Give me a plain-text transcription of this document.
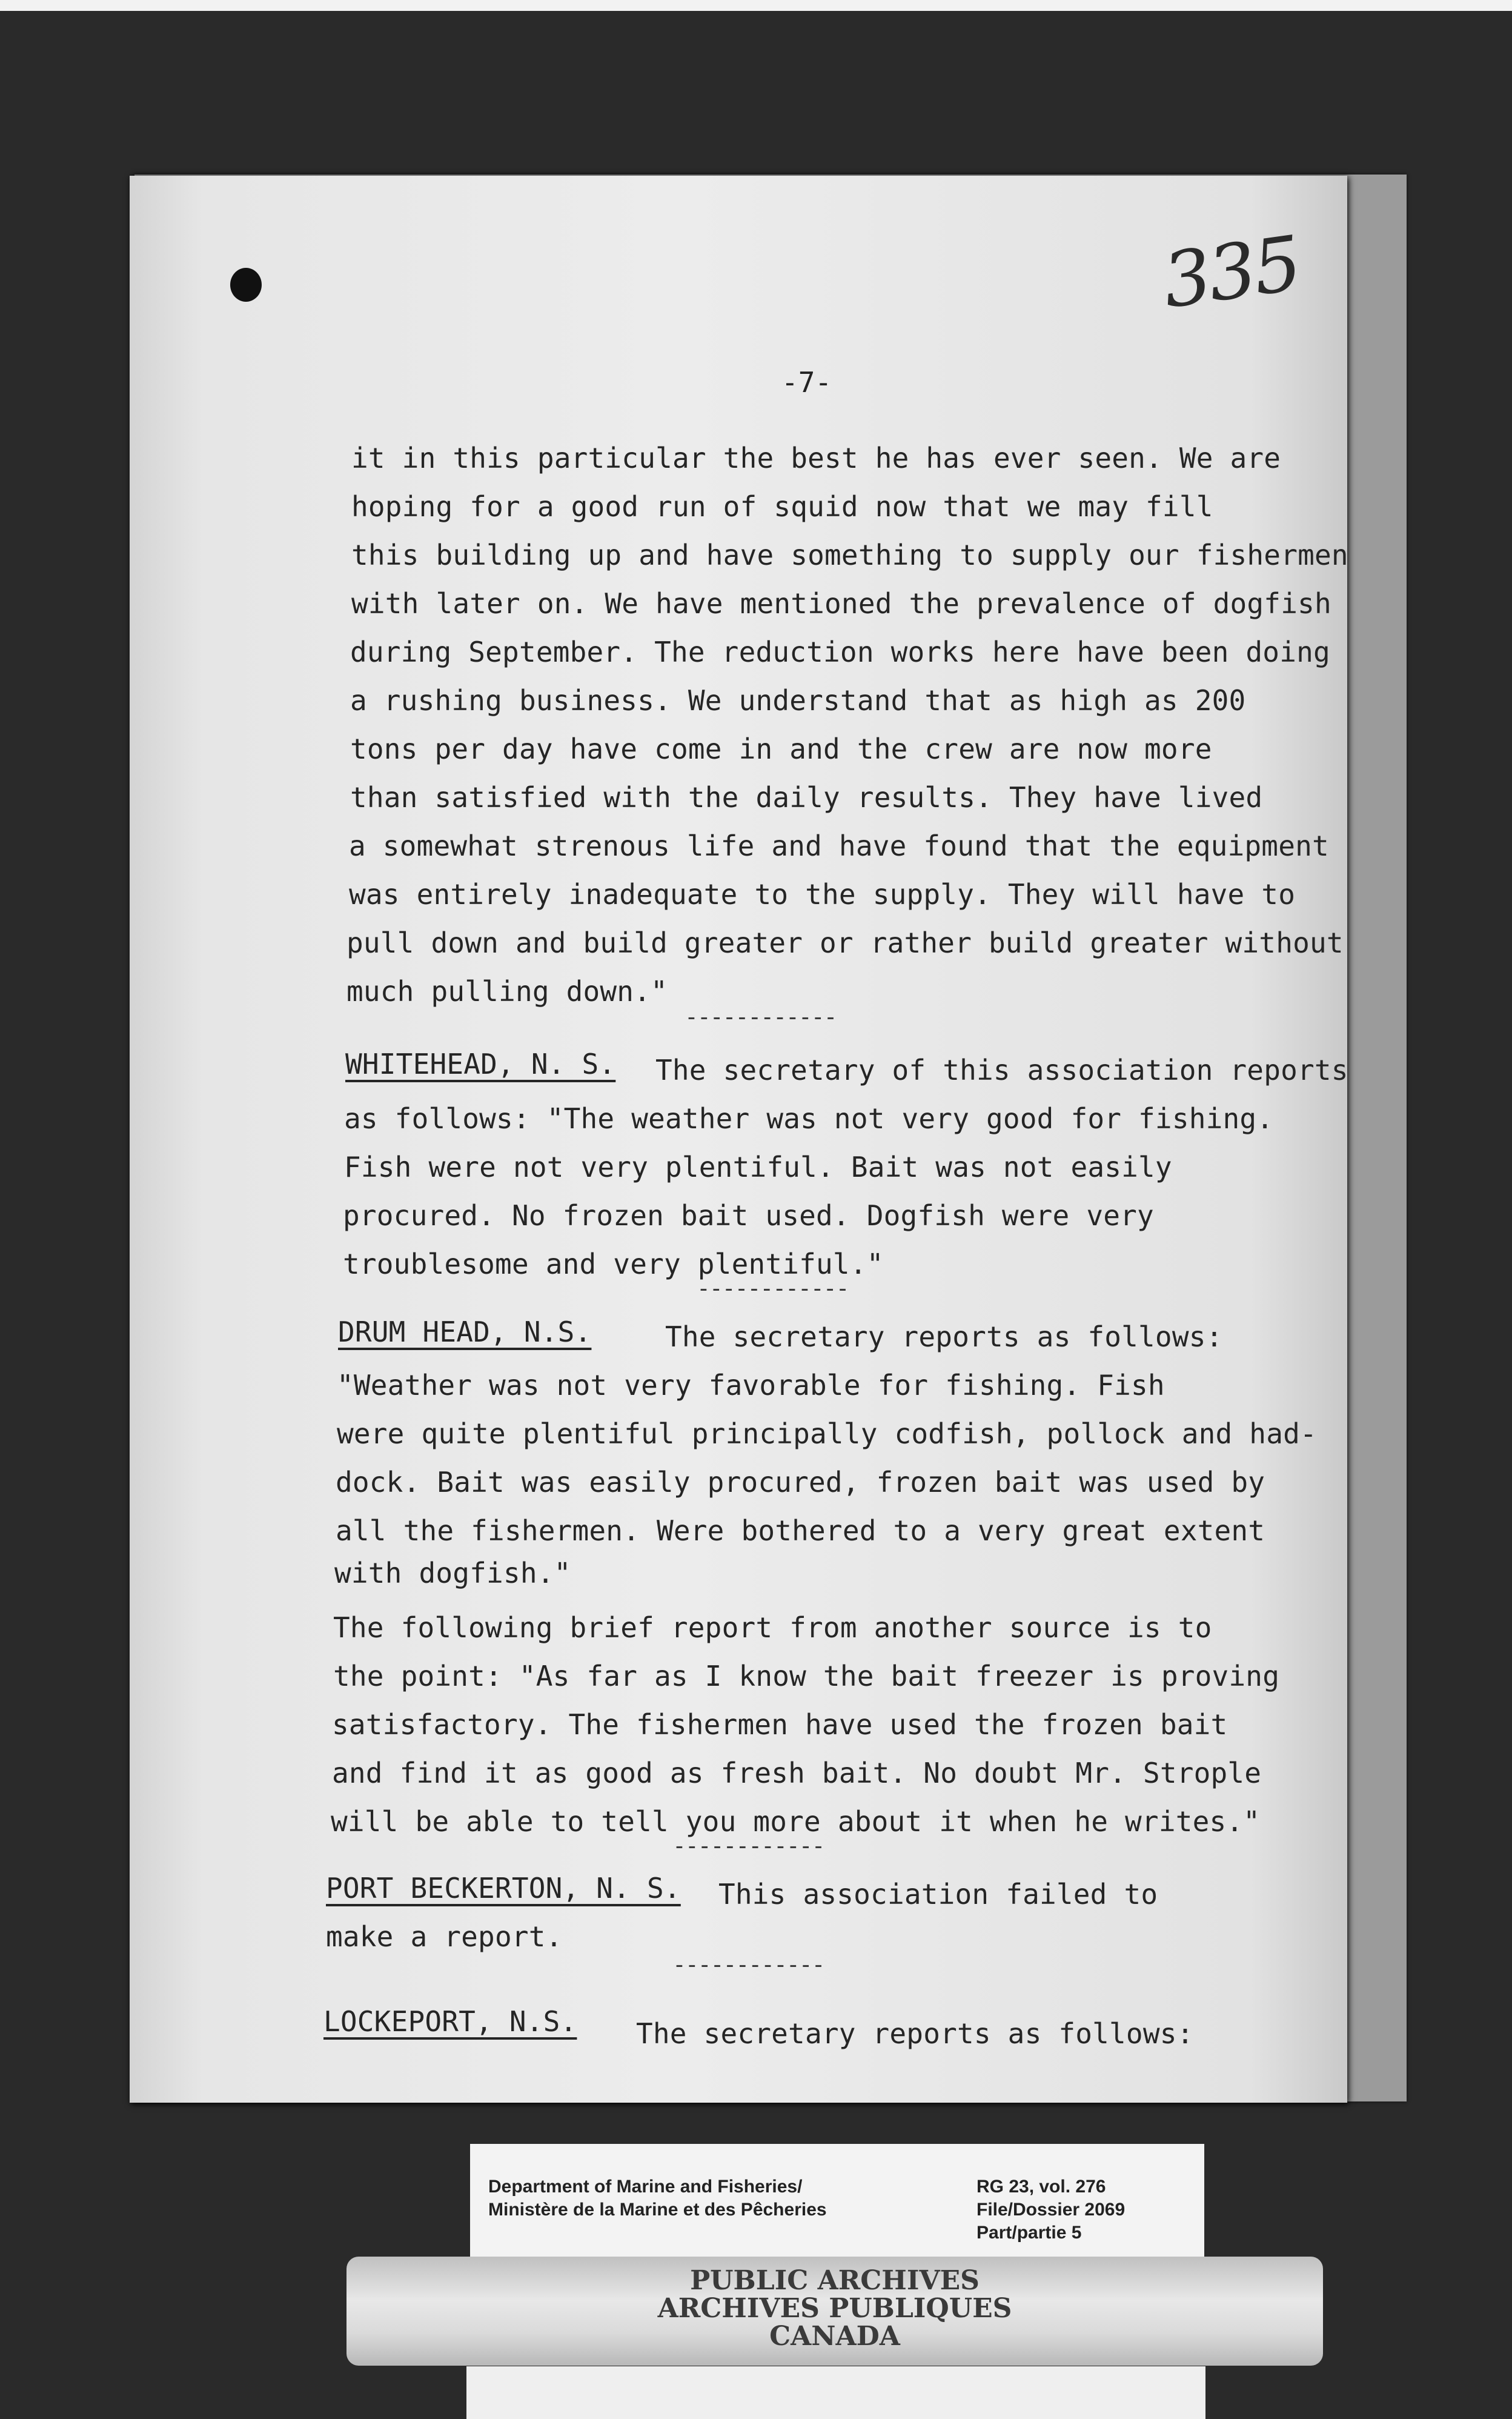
335
-7-
it in this particular the best he has ever seen. We are
hoping for a good run of squid now that we may fill
this building up and have something to supply our fishermen
with later on. We have mentioned the prevalence of dogfish
during September. The reduction works here have been doing
a rushing business. We understand that as high as 200
tons per day have come in and the crew are now more
than satisfied with the daily results. They have lived
a somewhat strenous life and have found that the equipment
was entirely inadequate to the supply. They will have to
pull down and build greater or rather build greater without
much pulling down."
------------
WHITEHEAD, N. S. The secretary of this association reports
as follows: "The weather was not very good for fishing.
Fish were not very plentiful. Bait was not easily
procured. No frozen bait used. Dogfish were very
troublesome and very plentiful."
------------
DRUM HEAD, N.S.	The secretary reports as follows:
"Weather was not very favorable for fishing. Fish
were quite plentiful principally codfish, pollock and had-
dock. Bait was easily procured, frozen bait was used by
all the fishermen. Were bothered to a very great extent
with dogfish."
The following brief report from another source is to
the point: "As far as I know the bait freezer is proving
satisfactory. The fishermen have used the frozen bait
and find it as good as fresh bait. No doubt Mr. Strople
will be able to tell you more about it when he writes."
------------
PORT BECKERTON, N. S. This association failed to
make a report.
------------
LOCKEPORT, N.S. The secretary reports as follows:
Department of Marine and Fisheries/
Ministère de la Marine et des Pêcheries
RG 23, vol. 276
File/Dossier 2069
Part/partie 5
PUBLIC ARCHIVES
ARCHIVES PUBLIQUES
CANADA
